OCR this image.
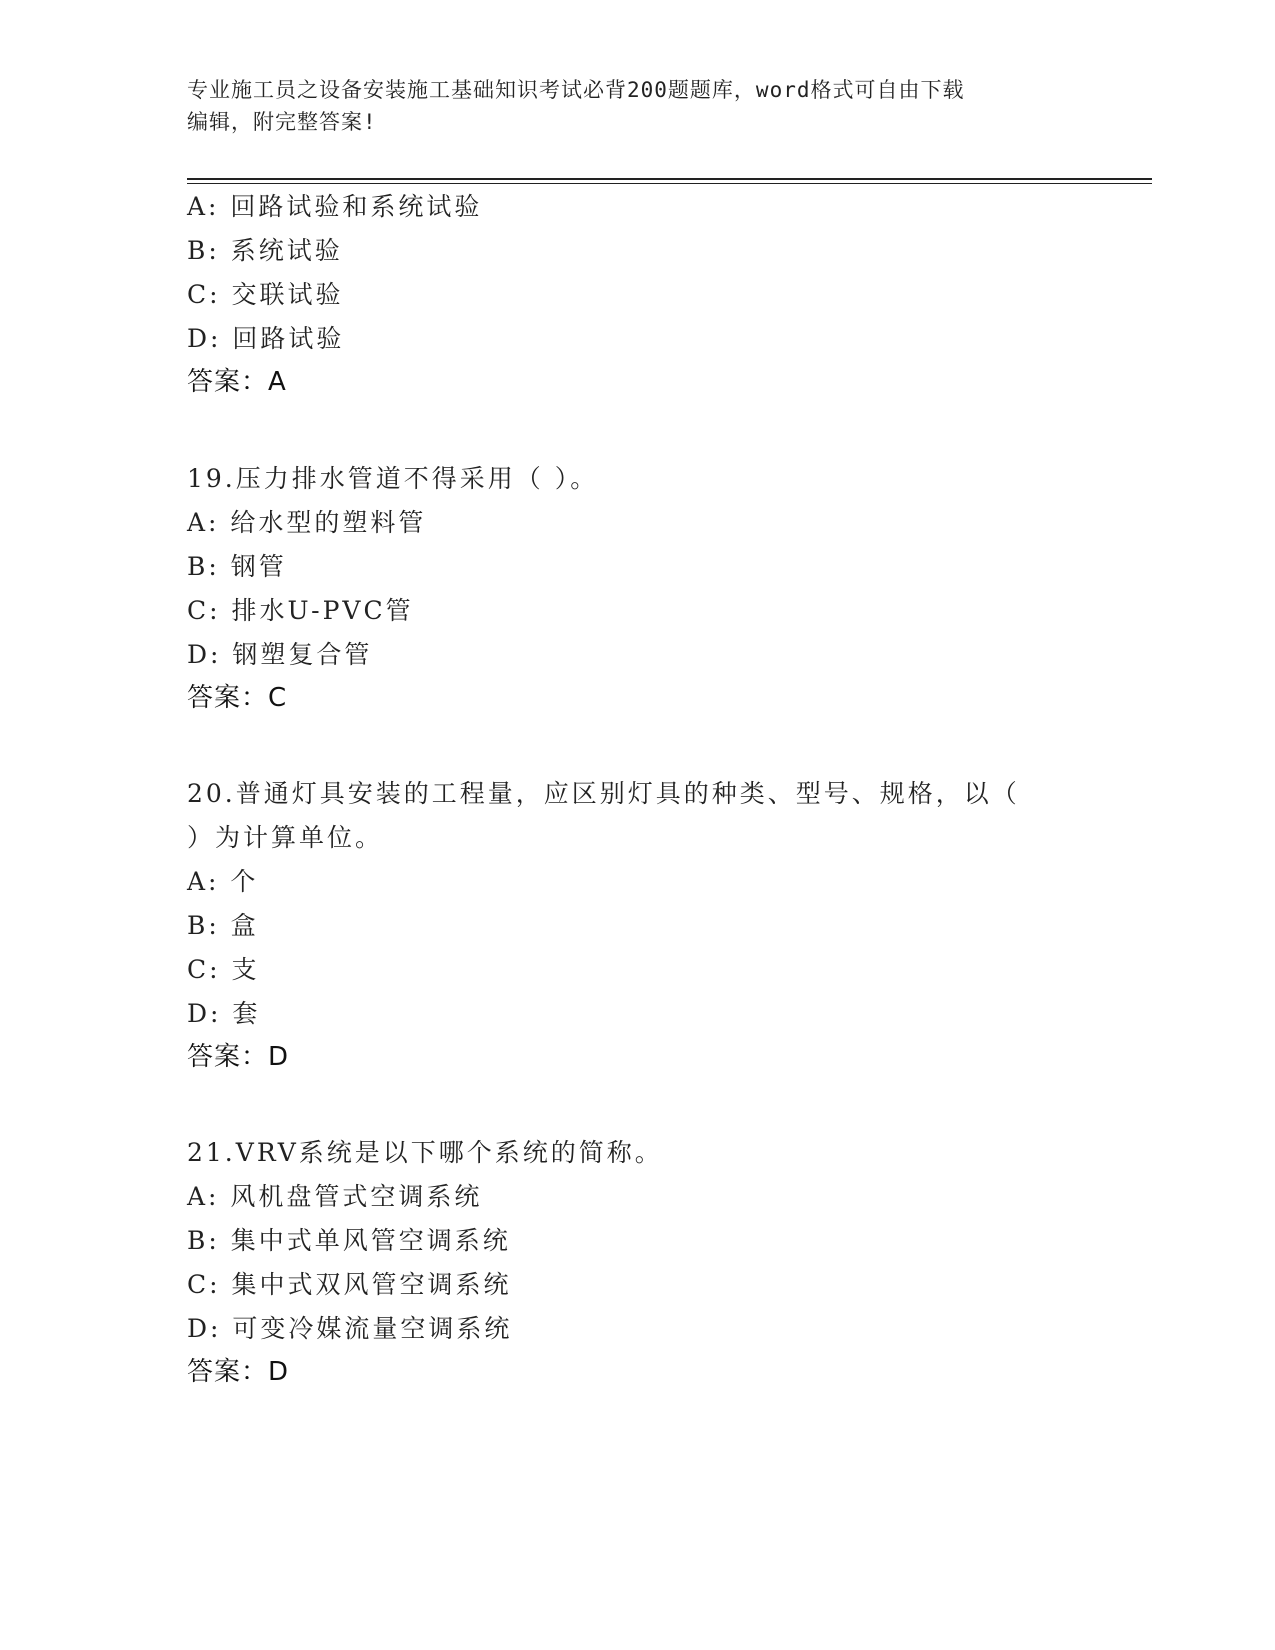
专业施工员之设备安装施工基础知识考试必背200题题库，word格式可自由下载
编辑，附完整答案!
A: 回路试验和系统试验
B: 系统试验
C: 交联试验
D: 回路试验
答案：A
19.压力排水管道不得采用（ ）。
A: 给水型的塑料管
B: 钢管
C: 排水U-PVC管
D: 钢塑复合管
答案：C
20.普通灯具安装的工程量，应区别灯具的种类、型号、规格，以（
）为计算单位。
A: 个
B: 盒
C: 支
D: 套
答案：D
21.VRV系统是以下哪个系统的简称。
A: 风机盘管式空调系统
B: 集中式单风管空调系统
C: 集中式双风管空调系统
D: 可变冷媒流量空调系统
答案：D
